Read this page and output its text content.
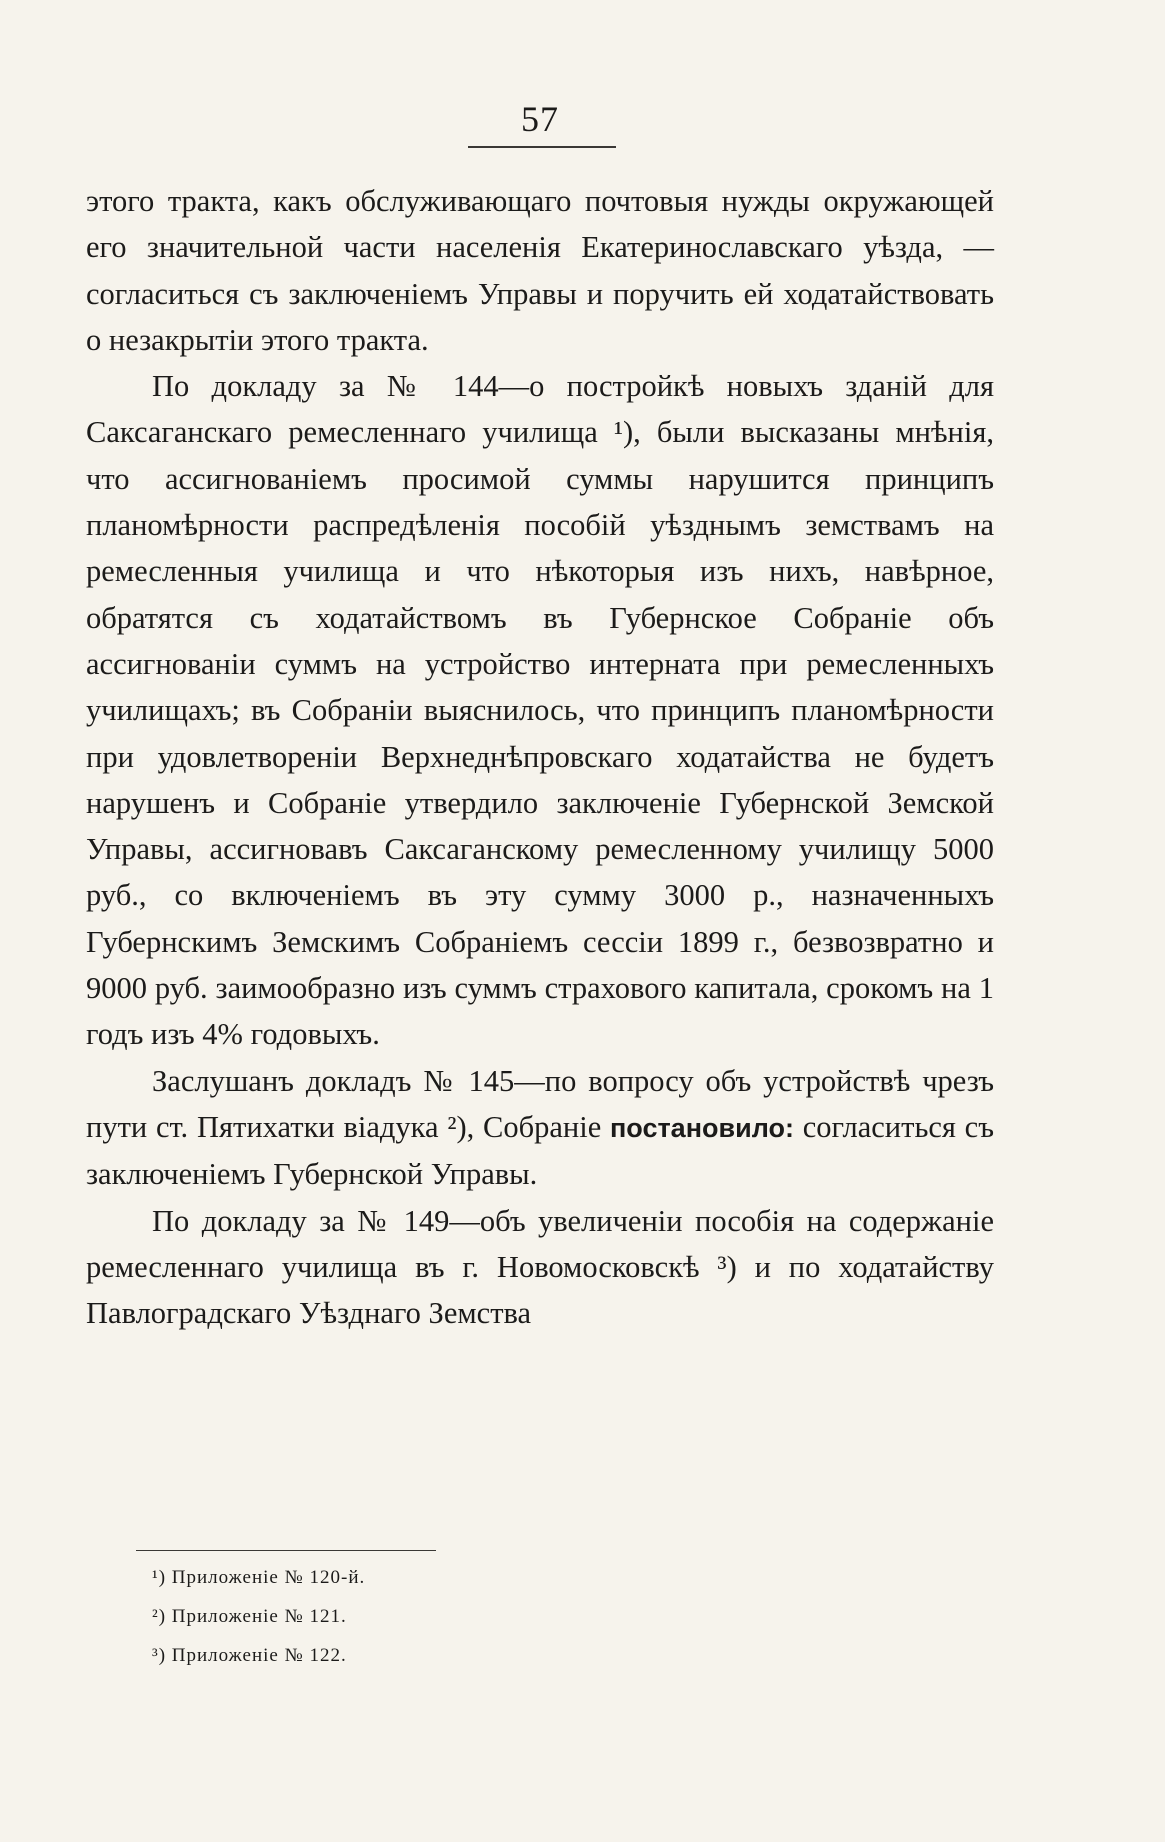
57

этого тракта, какъ обслуживающаго почтовыя нужды окружающей его значительной части населенія Екатеринославскаго уѣзда, — согласиться съ заключеніемъ Управы и поручить ей ходатайствовать о незакрытіи этого тракта.

По докладу за № 144—о постройкѣ новыхъ зданій для Саксаганскаго ремесленнаго училища ¹), были высказаны мнѣнія, что ассигнованіемъ просимой суммы нарушится принципъ планомѣрности распредѣленія пособій уѣзднымъ земствамъ на ремесленныя училища и что нѣкоторыя изъ нихъ, навѣрное, обратятся съ ходатайствомъ въ Губернское Собраніе объ ассигнованіи суммъ на устройство интерната при ремесленныхъ училищахъ; въ Собраніи выяснилось, что принципъ планомѣрности при удовлетвореніи Верхнеднѣпровскаго ходатайства не будетъ нарушенъ и Собраніе утвердило заключеніе Губернской Земской Управы, ассигновавъ Саксаганскому ремесленному училищу 5000 руб., со включеніемъ въ эту сумму 3000 р., назначенныхъ Губернскимъ Земскимъ Собраніемъ сессіи 1899 г., безвозвратно и 9000 руб. заимообразно изъ суммъ страхового капитала, срокомъ на 1 годъ изъ 4% годовыхъ.

Заслушанъ докладъ № 145—по вопросу объ устройствѣ чрезъ пути ст. Пятихатки віадука ²), Собраніе постановило: согласиться съ заключеніемъ Губернской Управы.

По докладу за № 149—объ увеличеніи пособія на содержаніе ремесленнаго училища въ г. Новомосковскѣ ³) и по ходатайству Павлоградскаго Уѣзднаго Земства

¹) Приложеніе № 120-й.
²) Приложеніе № 121.
³) Приложеніе № 122.
